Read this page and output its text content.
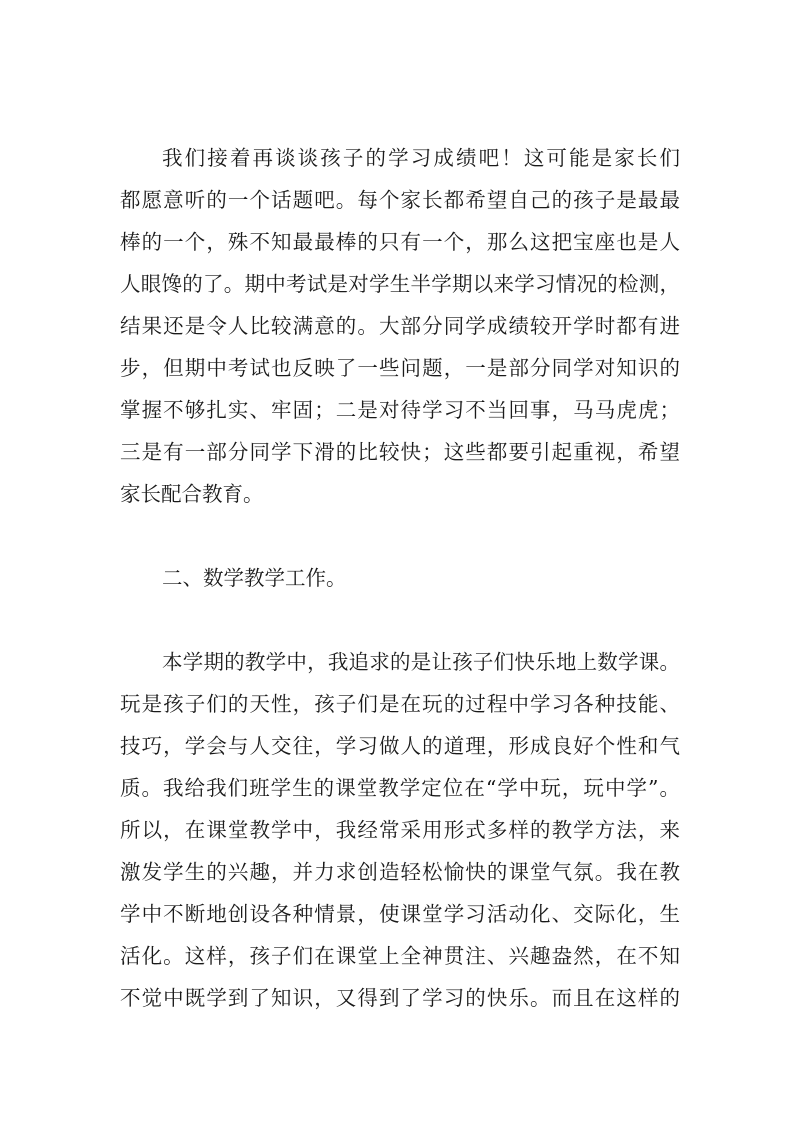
我们接着再谈谈孩子的学习成绩吧！这可能是家长们
都愿意听的一个话题吧。每个家长都希望自己的孩子是最最
棒的一个，殊不知最最棒的只有一个，那么这把宝座也是人
人眼馋的了。期中考试是对学生半学期以来学习情况的检测，
结果还是令人比较满意的。大部分同学成绩较开学时都有进
步，但期中考试也反映了一些问题，一是部分同学对知识的
掌握不够扎实、牢固；二是对待学习不当回事，马马虎虎；
三是有一部分同学下滑的比较快；这些都要引起重视，希望
家长配合教育。
二、数学教学工作。
本学期的教学中，我追求的是让孩子们快乐地上数学课。
玩是孩子们的天性，孩子们是在玩的过程中学习各种技能、
技巧，学会与人交往，学习做人的道理，形成良好个性和气
质。我给我们班学生的课堂教学定位在“学中玩，玩中学”。
所以，在课堂教学中，我经常采用形式多样的教学方法，来
激发学生的兴趣，并力求创造轻松愉快的课堂气氛。我在教
学中不断地创设各种情景，使课堂学习活动化、交际化，生
活化。这样，孩子们在课堂上全神贯注、兴趣盎然，在不知
不觉中既学到了知识，又得到了学习的快乐。而且在这样的
